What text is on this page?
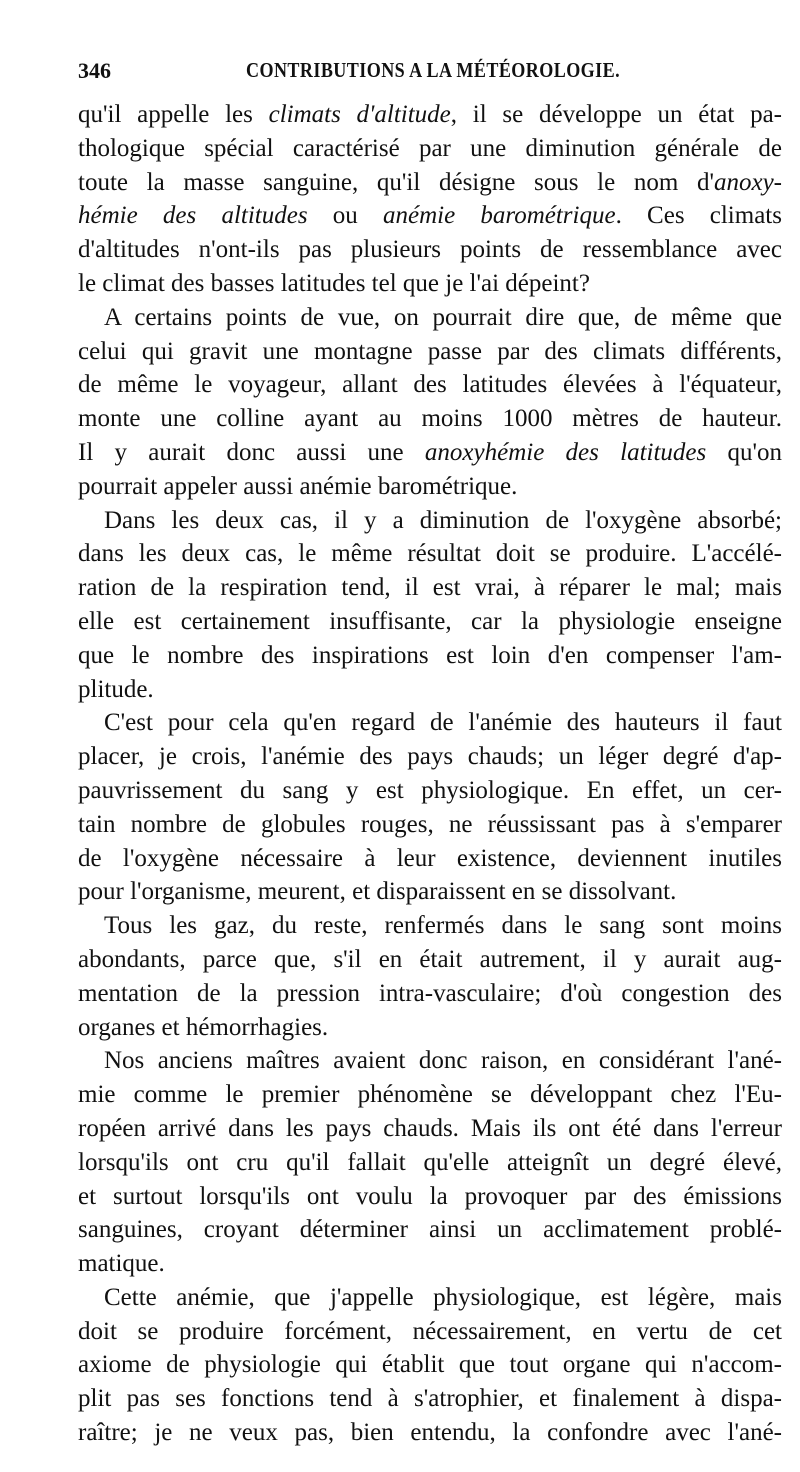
346	CONTRIBUTIONS A LA MÉTÉOROLOGIE.
qu'il appelle les climats d'altitude, il se développe un état pa-
thologique spécial caractérisé par une diminution générale de
toute la masse sanguine, qu'il désigne sous le nom d'anoxy-
hémie des altitudes ou anémie barométrique. Ces climats
d'altitudes n'ont-ils pas plusieurs points de ressemblance avec
le climat des basses latitudes tel que je l'ai dépeint?
A certains points de vue, on pourrait dire que, de même que
celui qui gravit une montagne passe par des climats différents,
de même le voyageur, allant des latitudes élevées à l'équateur,
monte une colline ayant au moins 1000 mètres de hauteur.
Il y aurait donc aussi une anoxyhémie des latitudes qu'on
pourrait appeler aussi anémie barométrique.
Dans les deux cas, il y a diminution de l'oxygène absorbé;
dans les deux cas, le même résultat doit se produire. L'accélé-
ration de la respiration tend, il est vrai, à réparer le mal; mais
elle est certainement insuffisante, car la physiologie enseigne
que le nombre des inspirations est loin d'en compenser l'am-
plitude.
C'est pour cela qu'en regard de l'anémie des hauteurs il faut
placer, je crois, l'anémie des pays chauds; un léger degré d'ap-
pauvrissement du sang y est physiologique. En effet, un cer-
tain nombre de globules rouges, ne réussissant pas à s'emparer
de l'oxygène nécessaire à leur existence, deviennent inutiles
pour l'organisme, meurent, et disparaissent en se dissolvant.
Tous les gaz, du reste, renfermés dans le sang sont moins
abondants, parce que, s'il en était autrement, il y aurait aug-
mentation de la pression intra-vasculaire; d'où congestion des
organes et hémorrhagies.
Nos anciens maîtres avaient donc raison, en considérant l'ané-
mie comme le premier phénomène se développant chez l'Eu-
ropéen arrivé dans les pays chauds. Mais ils ont été dans l'erreur
lorsqu'ils ont cru qu'il fallait qu'elle atteignît un degré élevé,
et surtout lorsqu'ils ont voulu la provoquer par des émissions
sanguines, croyant déterminer ainsi un acclimatement problé-
matique.
Cette anémie, que j'appelle physiologique, est légère, mais
doit se produire forcément, nécessairement, en vertu de cet
axiome de physiologie qui établit que tout organe qui n'accom-
plit pas ses fonctions tend à s'atrophier, et finalement à dispa-
raître; je ne veux pas, bien entendu, la confondre avec l'ané-
